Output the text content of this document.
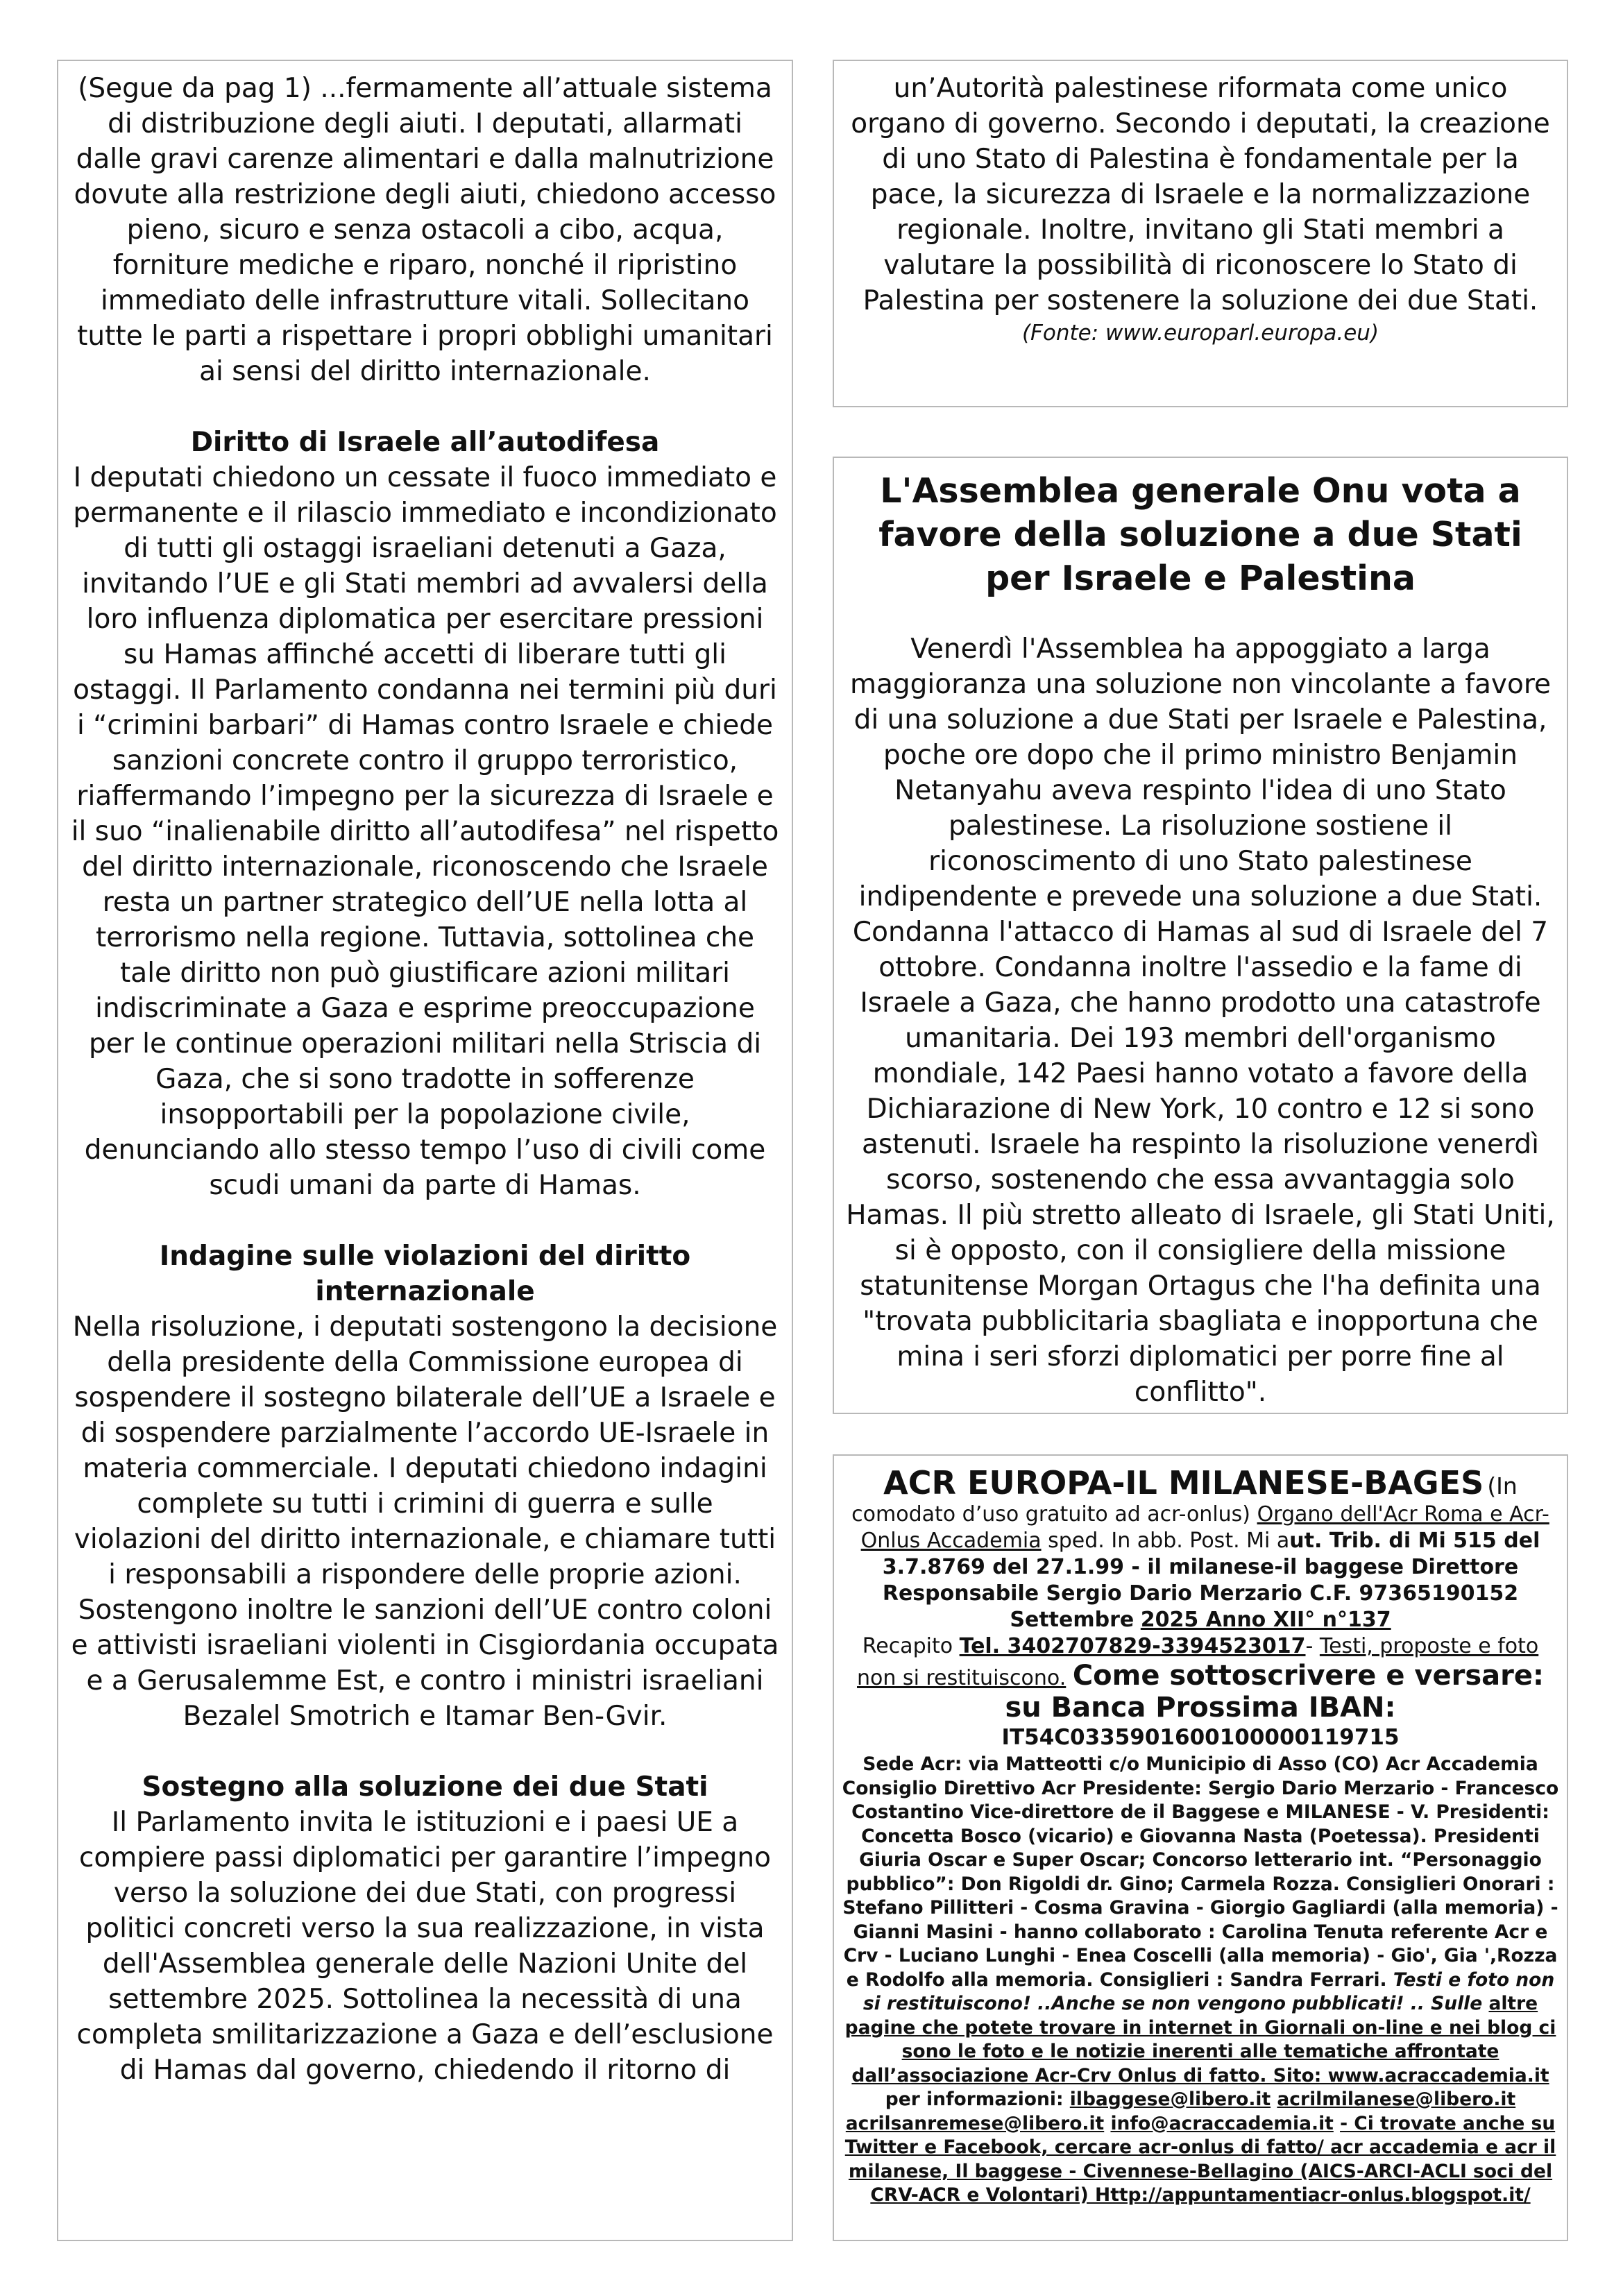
(Segue da pag 1) ...fermamente all’attuale sistema di distribuzione degli aiuti. I deputati, allarmati dalle gravi carenze alimentari e dalla malnutrizione dovute alla restrizione degli aiuti, chiedono accesso pieno, sicuro e senza ostacoli a cibo, acqua, forniture mediche e riparo, nonché il ripristino immediato delle infrastrutture vitali. Sollecitano tutte le parti a rispettare i propri obblighi umanitari ai sensi del diritto internazionale.

Diritto di Israele all’autodifesa

I deputati chiedono un cessate il fuoco immediato e permanente e il rilascio immediato e incondizionato di tutti gli ostaggi israeliani detenuti a Gaza, invitando l’UE e gli Stati membri ad avvalersi della loro influenza diplomatica per esercitare pressioni su Hamas affinché accetti di liberare tutti gli ostaggi. Il Parlamento condanna nei termini più duri i “crimini barbari” di Hamas contro Israele e chiede sanzioni concrete contro il gruppo terroristico, riaffermando l’impegno per la sicurezza di Israele e il suo “inalienabile diritto all’autodifesa” nel rispetto del diritto internazionale, riconoscendo che Israele resta un partner strategico dell’UE nella lotta al terrorismo nella regione. Tuttavia, sottolinea che tale diritto non può giustificare azioni militari indiscriminate a Gaza e esprime preoccupazione per le continue operazioni militari nella Striscia di Gaza, che si sono tradotte in sofferenze insopportabili per la popolazione civile, denunciando allo stesso tempo l’uso di civili come scudi umani da parte di Hamas.

Indagine sulle violazioni del diritto internazionale

Nella risoluzione, i deputati sostengono la decisione della presidente della Commissione europea di sospendere il sostegno bilaterale dell’UE a Israele e di sospendere parzialmente l’accordo UE-Israele in materia commerciale. I deputati chiedono indagini complete su tutti i crimini di guerra e sulle violazioni del diritto internazionale, e chiamare tutti i responsabili a rispondere delle proprie azioni. Sostengono inoltre le sanzioni dell’UE contro coloni e attivisti israeliani violenti in Cisgiordania occupata e a Gerusalemme Est, e contro i ministri israeliani Bezalel Smotrich e Itamar Ben-Gvir.

Sostegno alla soluzione dei due Stati

Il Parlamento invita le istituzioni e i paesi UE a compiere passi diplomatici per garantire l’impegno verso la soluzione dei due Stati, con progressi politici concreti verso la sua realizzazione, in vista dell'Assemblea generale delle Nazioni Unite del settembre 2025. Sottolinea la necessità di una completa smilitarizzazione a Gaza e dell’esclusione di Hamas dal governo, chiedendo il ritorno di

un’Autorità palestinese riformata come unico organo di governo. Secondo i deputati, la creazione di uno Stato di Palestina è fondamentale per la pace, la sicurezza di Israele e la normalizzazione regionale. Inoltre, invitano gli Stati membri a valutare la possibilità di riconoscere lo Stato di Palestina per sostenere la soluzione dei due Stati.

(Fonte: www.europarl.europa.eu)

L'Assemblea generale Onu vota a favore della soluzione a due Stati per Israele e Palestina

Venerdì l'Assemblea ha appoggiato a larga maggioranza una soluzione non vincolante a favore di una soluzione a due Stati per Israele e Palestina, poche ore dopo che il primo ministro Benjamin Netanyahu aveva respinto l'idea di uno Stato palestinese. La risoluzione sostiene il riconoscimento di uno Stato palestinese indipendente e prevede una soluzione a due Stati. Condanna l'attacco di Hamas al sud di Israele del 7 ottobre. Condanna inoltre l'assedio e la fame di Israele a Gaza, che hanno prodotto una catastrofe umanitaria. Dei 193 membri dell'organismo mondiale, 142 Paesi hanno votato a favore della Dichiarazione di New York, 10 contro e 12 si sono astenuti. Israele ha respinto la risoluzione venerdì scorso, sostenendo che essa avvantaggia solo Hamas. Il più stretto alleato di Israele, gli Stati Uniti, si è opposto, con il consigliere della missione statunitense Morgan Ortagus che l'ha definita una "trovata pubblicitaria sbagliata e inopportuna che mina i seri sforzi diplomatici per porre fine al conflitto".

ACR EUROPA-IL MILANESE-BAGES (In

comodato d’uso gratuito ad acr-onlus) Organo dell'Acr Roma e Acr-Onlus Accademia sped. In abb. Post. Mi aut. Trib. di Mi 515 del 3.7.8769 del 27.1.99 - il milanese-il baggese Direttore Responsabile Sergio Dario Merzario C.F. 97365190152 Settembre 2025 Anno XII° n°137

Recapito Tel. 3402707829-3394523017- Testi, proposte e foto non si restituiscono. Come sottoscrivere e versare: su Banca Prossima IBAN:

IT54C0335901600100000119715

Sede Acr: via Matteotti c/o Municipio di Asso (CO) Acr Accademia Consiglio Direttivo Acr Presidente: Sergio Dario Merzario - Francesco Costantino Vice-direttore de il Baggese e MILANESE - V. Presidenti: Concetta Bosco (vicario) e Giovanna Nasta (Poetessa). Presidenti Giuria Oscar e Super Oscar; Concorso letterario int. “Personaggio pubblico”: Don Rigoldi dr. Gino; Carmela Rozza. Consiglieri Onorari : Stefano Pillitteri - Cosma Gravina - Giorgio Gagliardi (alla memoria) - Gianni Masini - hanno collaborato : Carolina Tenuta referente Acr e Crv - Luciano Lunghi - Enea Coscelli (alla memoria) - Gio', Gia ',Rozza e Rodolfo alla memoria. Consiglieri : Sandra Ferrari. Testi e foto non si restituiscono! ..Anche se non vengono pubblicati! .. Sulle altre pagine che potete trovare in internet in Giornali on-line e nei blog ci sono le foto e le notizie inerenti alle tematiche affrontate dall’associazione Acr-Crv Onlus di fatto. Sito: www.acraccademia.it per informazioni: ilbaggese@libero.it acrilmilanese@libero.it acrilsanremese@libero.it info@acraccademia.it - Ci trovate anche su Twitter e Facebook, cercare acr-onlus di fatto/ acr accademia e acr il milanese, Il baggese - Civennese-Bellagino (AICS-ARCI-ACLI soci del CRV-ACR e Volontari) Http://appuntamentiacr-onlus.blogspot.it/
